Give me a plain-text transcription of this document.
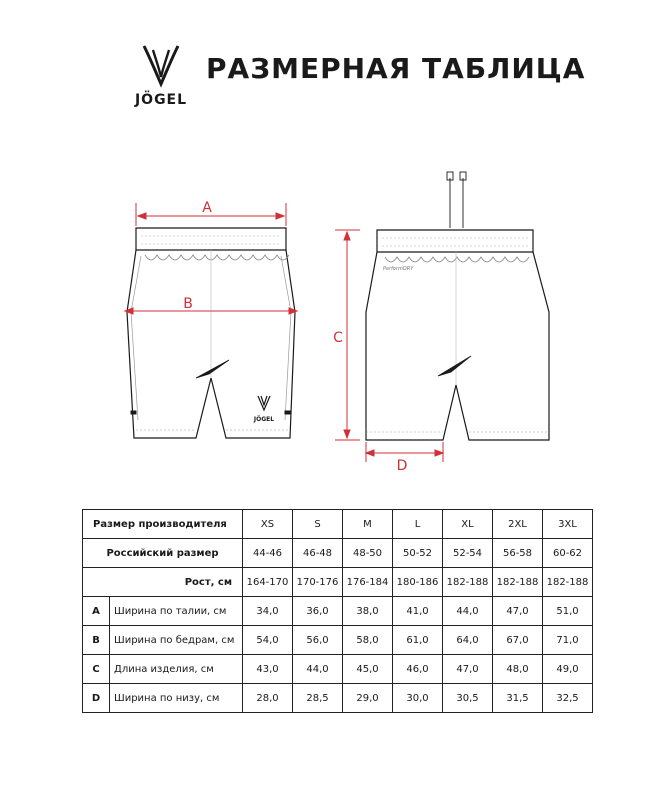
JÖGEL
РАЗМЕРНАЯ ТАБЛИЦА
JÖGEL
PerformDRY
A
B
C
D
Размер производителя		XS	S	M	L	XL	2XL	3XL
Российский размер		44-46	46-48	48-50	50-52	52-54	56-58	60-62
Рост, см		164-170	170-176	176-184	180-186	182-188	182-188	182-188
A	Ширина по талии, см	34,0	36,0	38,0	41,0	44,0	47,0	51,0
B	Ширина по бедрам, см	54,0	56,0	58,0	61,0	64,0	67,0	71,0
C	Длина изделия, см	43,0	44,0	45,0	46,0	47,0	48,0	49,0
D	Ширина по низу, см	28,0	28,5	29,0	30,0	30,5	31,5	32,5
